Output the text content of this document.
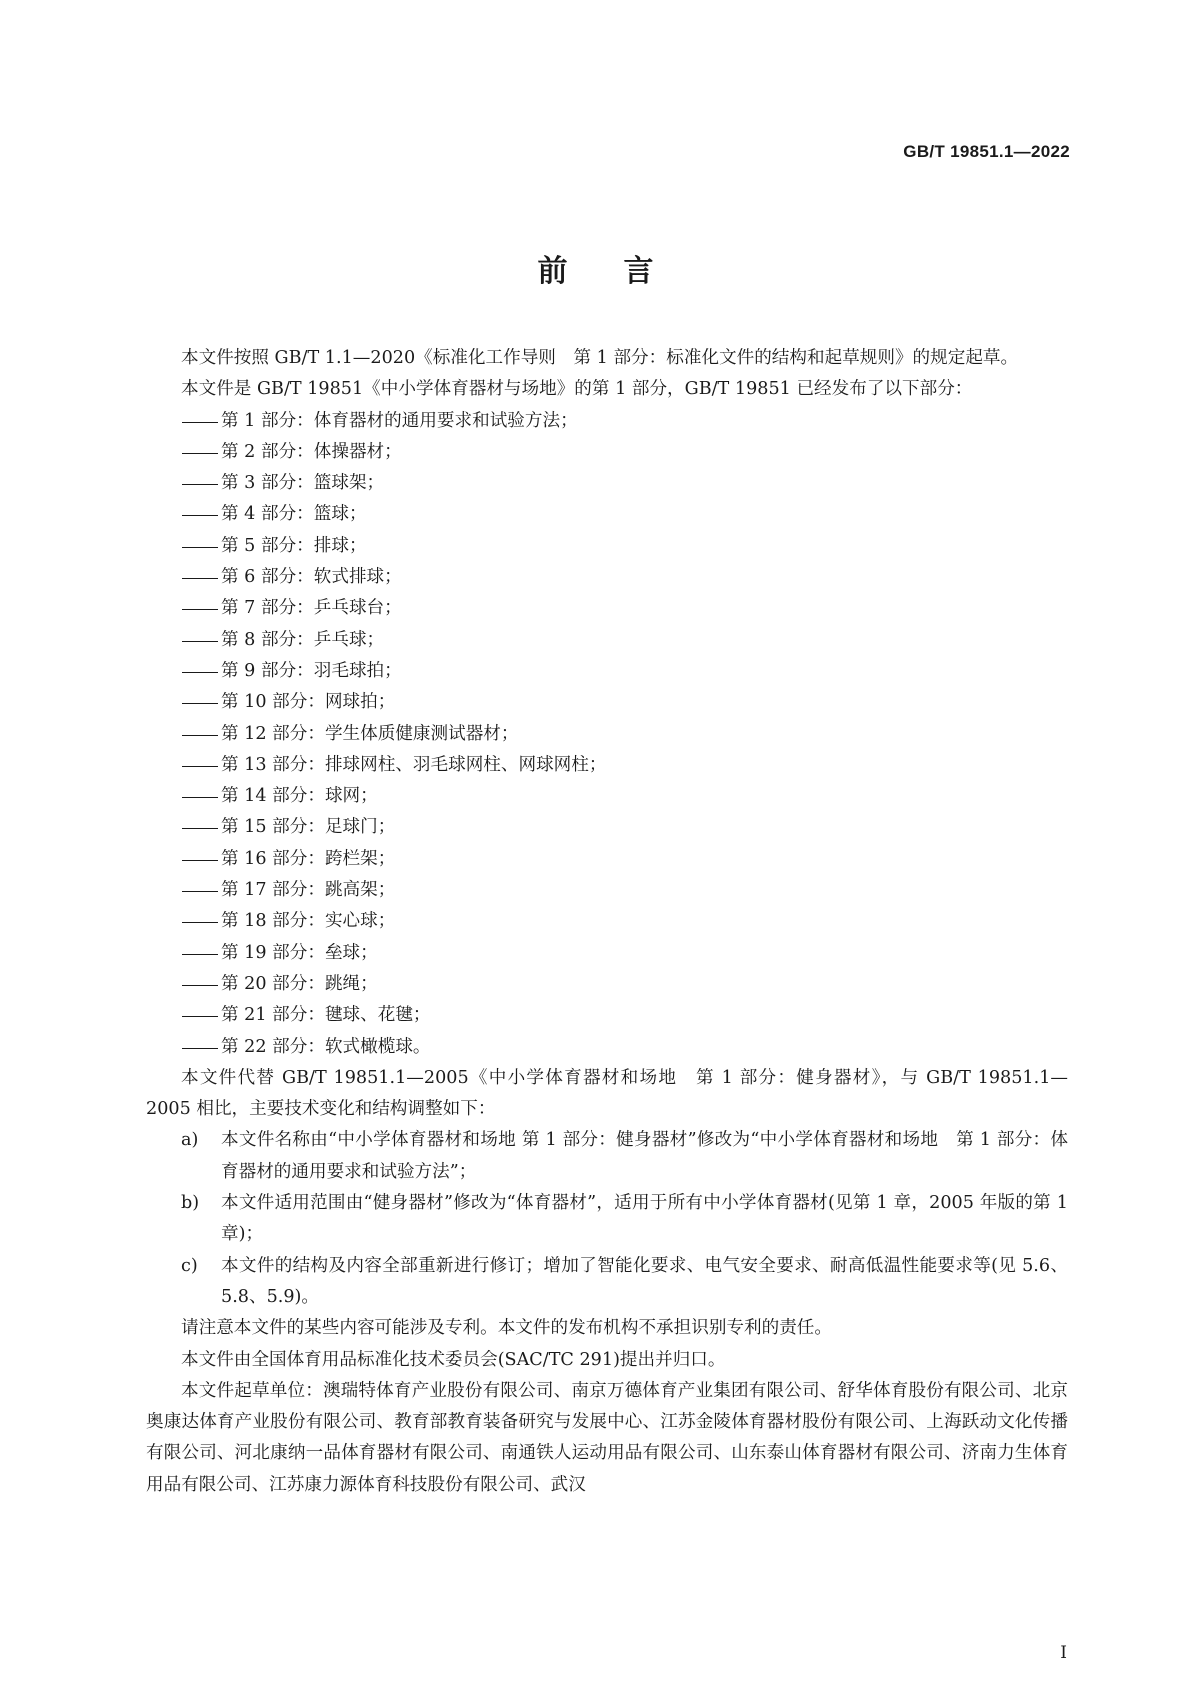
GB/T 19851.1—2022
前言

本文件按照 GB/T 1.1—2020《标准化工作导则　第 1 部分：标准化文件的结构和起草规则》的规定起草。

本文件是 GB/T 19851《中小学体育器材与场地》的第 1 部分，GB/T 19851 已经发布了以下部分：

第 1 部分：体育器材的通用要求和试验方法；

第 2 部分：体操器材；

第 3 部分：篮球架；

第 4 部分：篮球；

第 5 部分：排球；

第 6 部分：软式排球；

第 7 部分：乒乓球台；

第 8 部分：乒乓球；

第 9 部分：羽毛球拍；

第 10 部分：网球拍；

第 12 部分：学生体质健康测试器材；

第 13 部分：排球网柱、羽毛球网柱、网球网柱；

第 14 部分：球网；

第 15 部分：足球门；

第 16 部分：跨栏架；

第 17 部分：跳高架；

第 18 部分：实心球；

第 19 部分：垒球；

第 20 部分：跳绳；

第 21 部分：毽球、花毽；

第 22 部分：软式橄榄球。

本文件代替 GB/T 19851.1—2005《中小学体育器材和场地　第 1 部分：健身器材》，与 GB/T 19851.1—2005 相比，主要技术变化和结构调整如下：

a)	本文件名称由“中小学体育器材和场地 第 1 部分：健身器材”修改为“中小学体育器材和场地　第 1 部分：体育器材的通用要求和试验方法”；
b)	本文件适用范围由“健身器材”修改为“体育器材”，适用于所有中小学体育器材(见第 1 章，2005 年版的第 1 章)；
c)	本文件的结构及内容全部重新进行修订；增加了智能化要求、电气安全要求、耐高低温性能要求等(见 5.6、5.8、5.9)。

请注意本文件的某些内容可能涉及专利。本文件的发布机构不承担识别专利的责任。

本文件由全国体育用品标准化技术委员会(SAC/TC 291)提出并归口。

本文件起草单位：澳瑞特体育产业股份有限公司、南京万德体育产业集团有限公司、舒华体育股份有限公司、北京奥康达体育产业股份有限公司、教育部教育装备研究与发展中心、江苏金陵体育器材股份有限公司、上海跃动文化传播有限公司、河北康纳一品体育器材有限公司、南通铁人运动用品有限公司、山东泰山体育器材有限公司、济南力生体育用品有限公司、江苏康力源体育科技股份有限公司、武汉

I
